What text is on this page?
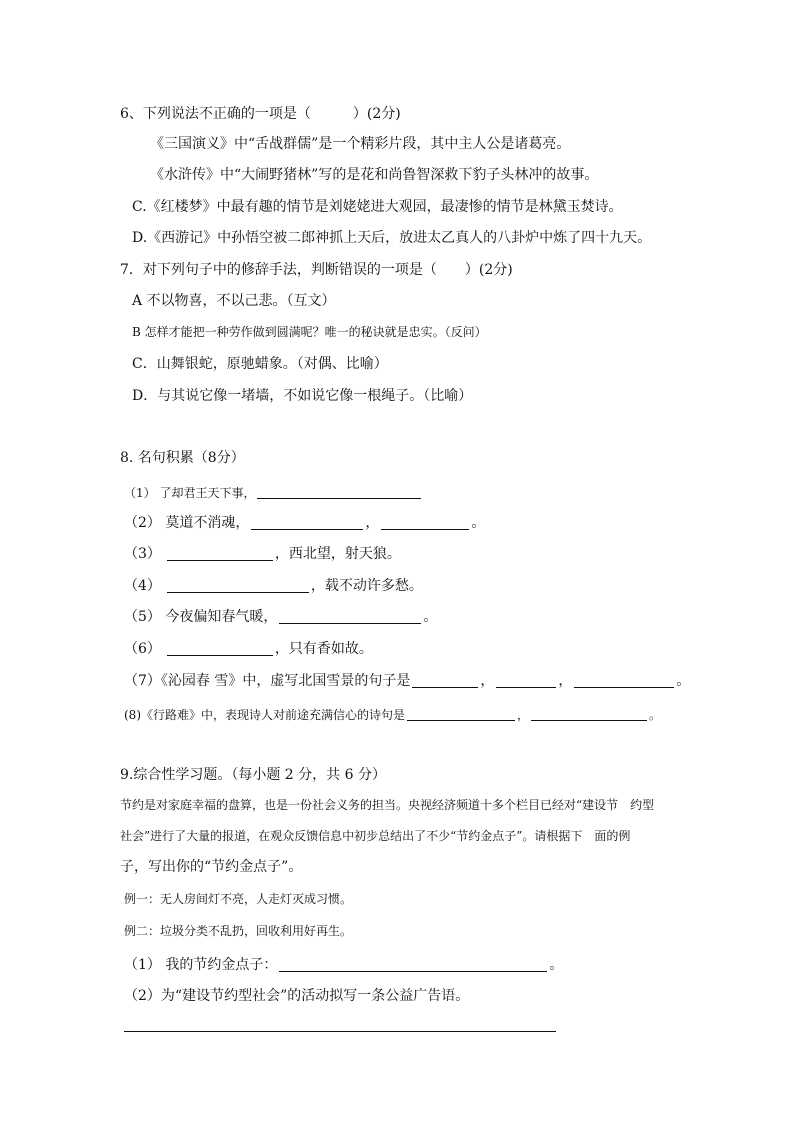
6、下列说法不正确的一项是（　　　）(2分)
《三国演义》中“舌战群儒”是一个精彩片段，其中主人公是诸葛亮。
《水浒传》中“大闹野猪林”写的是花和尚鲁智深救下豹子头林冲的故事。
C.《红楼梦》中最有趣的情节是刘姥姥进大观园，最凄惨的情节是林黛玉焚诗。
D.《西游记》中孙悟空被二郎神抓上天后，放进太乙真人的八卦炉中炼了四十九天。
7．对下列句子中的修辞手法，判断错误的一项是（　　）(2分)
A 不以物喜，不以己悲。（互文）
B 怎样才能把一种劳作做到圆满呢？唯一的秘诀就是忠实。（反问）
C．山舞银蛇，原驰蜡象。（对偶、比喻）
D．与其说它像一堵墙，不如说它像一根绳子。（比喻）
8. 名句积累（8分）
（1） 了却君王天下事，
（2） 莫道不消魂，	，	。
（3）	，西北望，射天狼。
（4）	，载不动许多愁。
（5） 今夜偏知春气暖，	。
（6）	，只有香如故。
（7）《沁园春 雪》中，虚写北国雪景的句子是	，	，	。
(8)《行路难》中，表现诗人对前途充满信心的诗句是	，	。
9.综合性学习题。（每小题 2 分，共 6 分）
节约是对家庭幸福的盘算，也是一份社会义务的担当。央视经济频道十多个栏目已经对“建设节　约型
社会”进行了大量的报道，在观众反馈信息中初步总结出了不少“节约金点子”。请根据下　面的例
子，写出你的“节约金点子”。
例一：无人房间灯不亮，人走灯灭成习惯。
例二：垃圾分类不乱扔，回收利用好再生。
（1） 我的节约金点子：	。
（2）为“建设节约型社会”的活动拟写一条公益广告语。
